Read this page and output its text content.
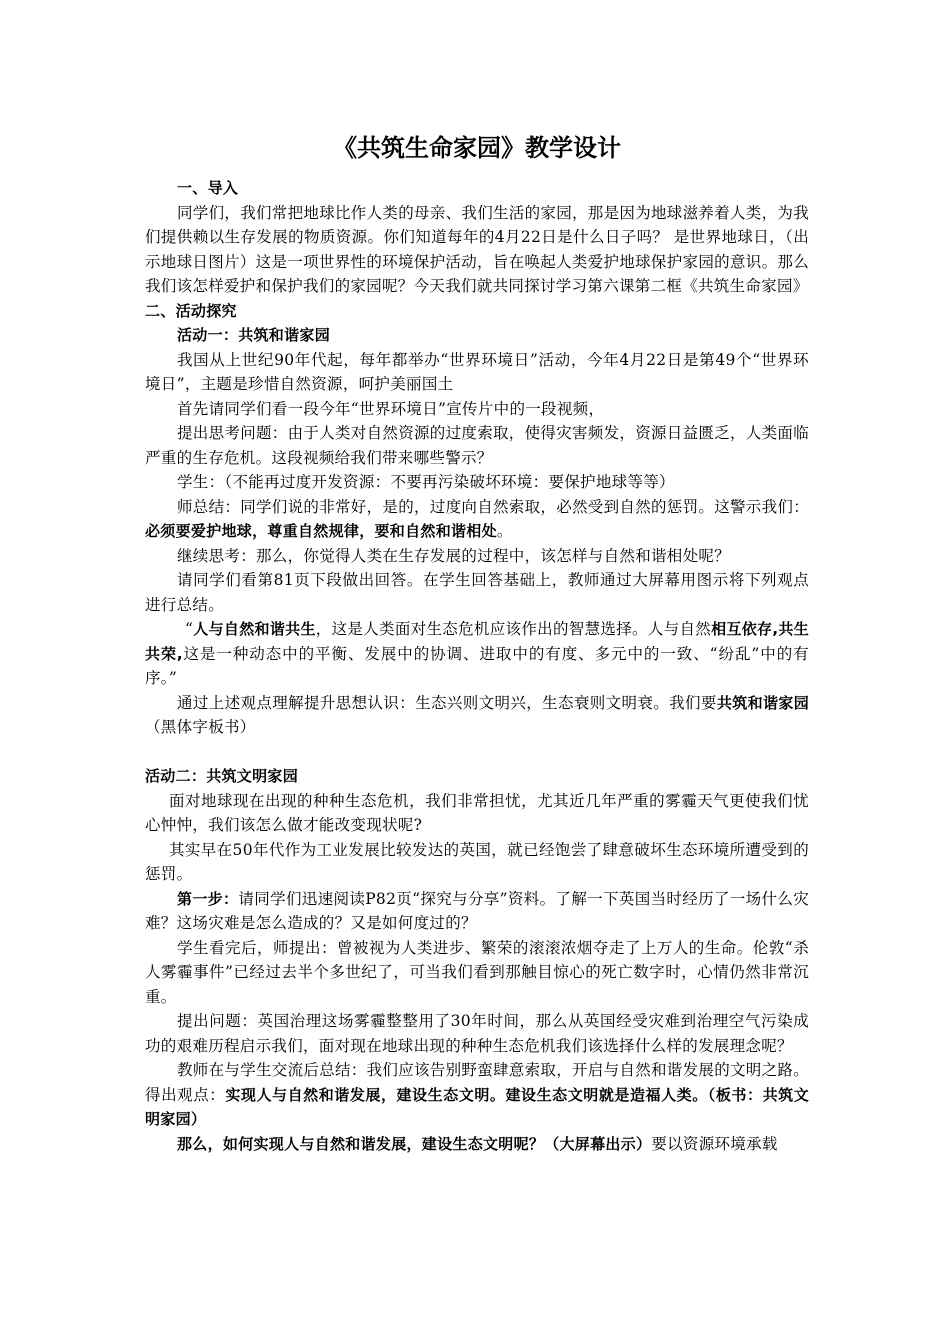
《共筑生命家园》教学设计

一、导入

同学们，我们常把地球比作人类的母亲、我们生活的家园，那是因为地球滋养着人类，为我们提供赖以生存发展的物质资源。你们知道每年的4月22日是什么日子吗？ 是世界地球日，（出示地球日图片）这是一项世界性的环境保护活动，旨在唤起人类爱护地球保护家园的意识。那么我们该怎样爱护和保护我们的家园呢？今天我们就共同探讨学习第六课第二框《共筑生命家园》

二、活动探究

活动一：共筑和谐家园

我国从上世纪90年代起，每年都举办“世界环境日”活动，今年4月22日是第49个“世界环境日”，主题是珍惜自然资源，呵护美丽国土

首先请同学们看一段今年“世界环境日”宣传片中的一段视频，

提出思考问题：由于人类对自然资源的过度索取，使得灾害频发，资源日益匮乏，人类面临严重的生存危机。这段视频给我们带来哪些警示？

学生：（不能再过度开发资源：不要再污染破坏环境：要保护地球等等）

师总结：同学们说的非常好，是的，过度向自然索取，必然受到自然的惩罚。这警示我们：必须要爱护地球，尊重自然规律，要和自然和谐相处。

继续思考：那么，你觉得人类在生存发展的过程中，该怎样与自然和谐相处呢？

请同学们看第81页下段做出回答。在学生回答基础上，教师通过大屏幕用图示将下列观点进行总结。

“人与自然和谐共生，这是人类面对生态危机应该作出的智慧选择。人与自然相互依存,共生共荣,这是一种动态中的平衡、发展中的协调、进取中的有度、多元中的一致、“纷乱”中的有序。”

通过上述观点理解提升思想认识：生态兴则文明兴，生态衰则文明衰。我们要共筑和谐家园（黑体字板书）

活动二：共筑文明家园

面对地球现在出现的种种生态危机，我们非常担忧，尤其近几年严重的雾霾天气更使我们忧心忡忡，我们该怎么做才能改变现状呢?

其实早在50年代作为工业发展比较发达的英国，就已经饱尝了肆意破坏生态环境所遭受到的惩罚。

第一步：请同学们迅速阅读P82页“探究与分享”资料。了解一下英国当时经历了一场什么灾难？这场灾难是怎么造成的？又是如何度过的？

学生看完后，师提出：曾被视为人类进步、繁荣的滚滚浓烟夺走了上万人的生命。伦敦“杀人雾霾事件”已经过去半个多世纪了，可当我们看到那触目惊心的死亡数字时，心情仍然非常沉重。

提出问题：英国治理这场雾霾整整用了30年时间，那么从英国经受灾难到治理空气污染成功的艰难历程启示我们，面对现在地球出现的种种生态危机我们该选择什么样的发展理念呢？

教师在与学生交流后总结：我们应该告别野蛮肆意索取，开启与自然和谐发展的文明之路。得出观点：实现人与自然和谐发展，建设生态文明。建设生态文明就是造福人类。（板书：共筑文明家园）

那么，如何实现人与自然和谐发展，建设生态文明呢？（大屏幕出示）要以资源环境承载
